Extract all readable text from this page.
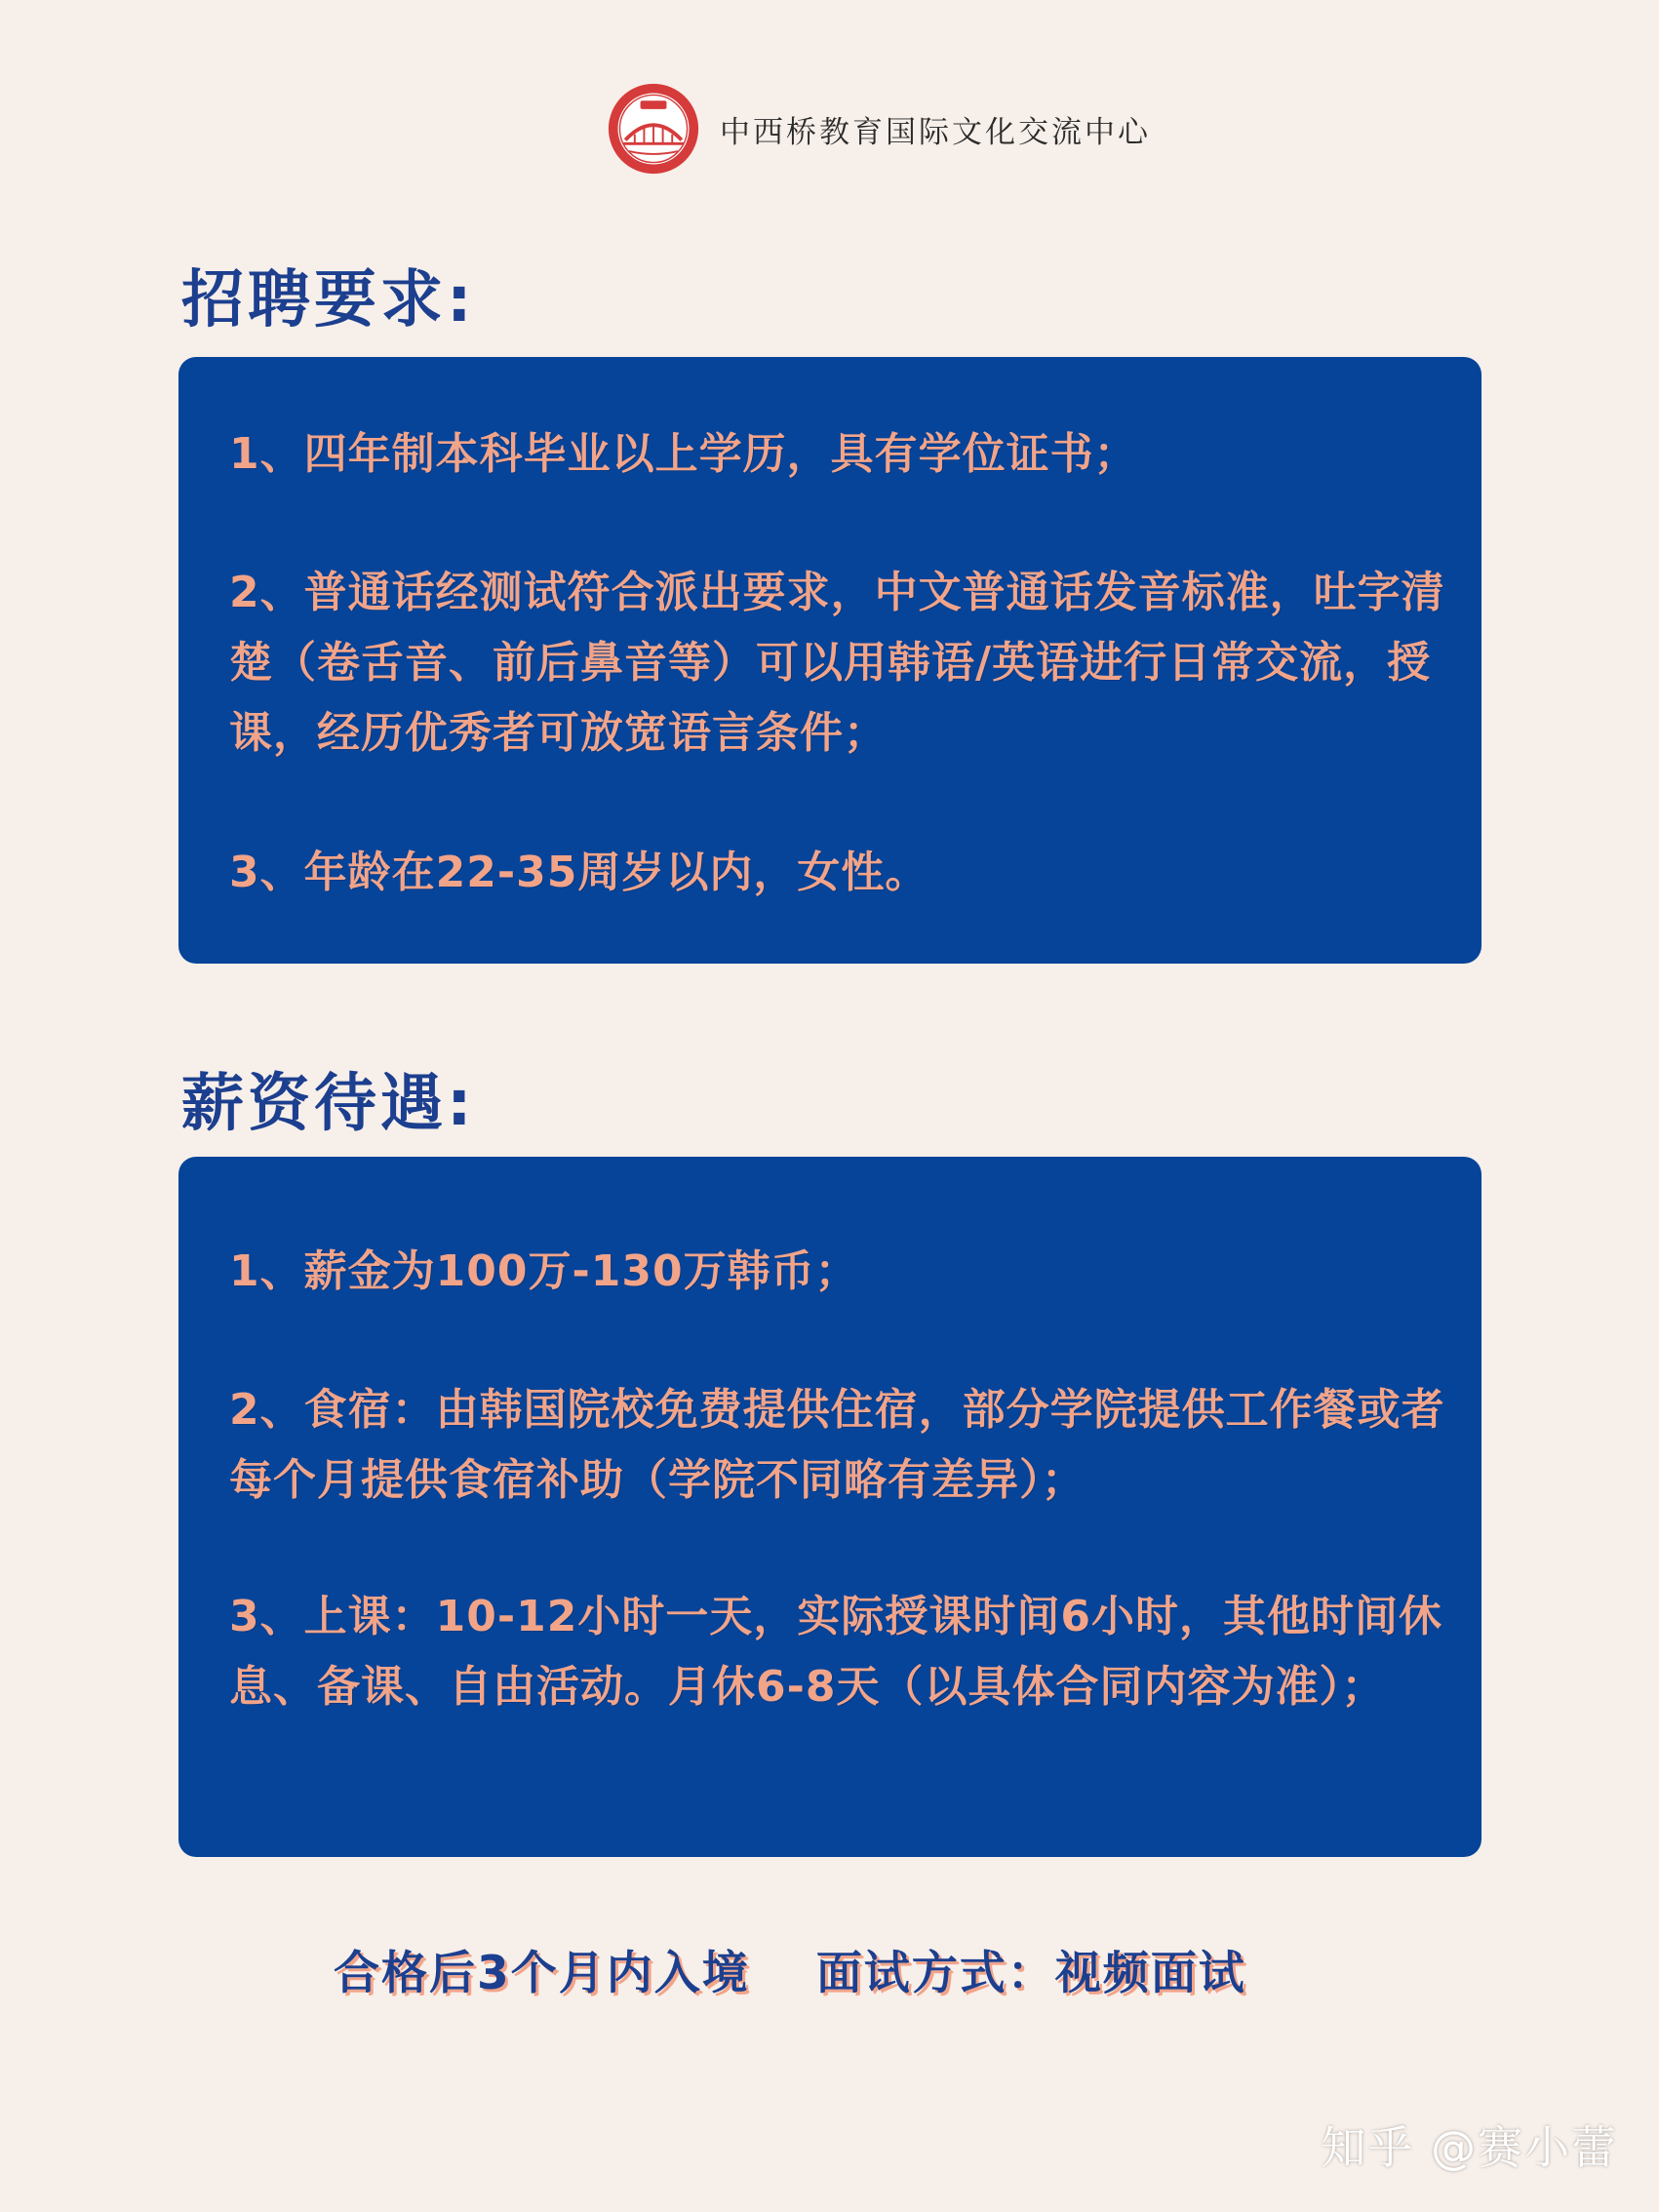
中西桥教育国际文化交流中心
招聘要求:
1、四年制本科毕业以上学历，具有学位证书；
2、普通话经测试符合派出要求，中文普通话发音标准，吐字清楚（卷舌音、前后鼻音等）可以用韩语/英语进行日常交流，授课，经历优秀者可放宽语言条件；
3、年龄在22-35周岁以内，女性。
薪资待遇:
1、薪金为100万-130万韩币；
2、食宿：由韩国院校免费提供住宿，部分学院提供工作餐或者每个月提供食宿补助（学院不同略有差异）；
3、上课：10-12小时一天，实际授课时间6小时，其他时间休息、备课、自由活动。月休6-8天（以具体合同内容为准）；
合格后3个月内入境 面试方式：视频面试
知乎 @赛小蕾
